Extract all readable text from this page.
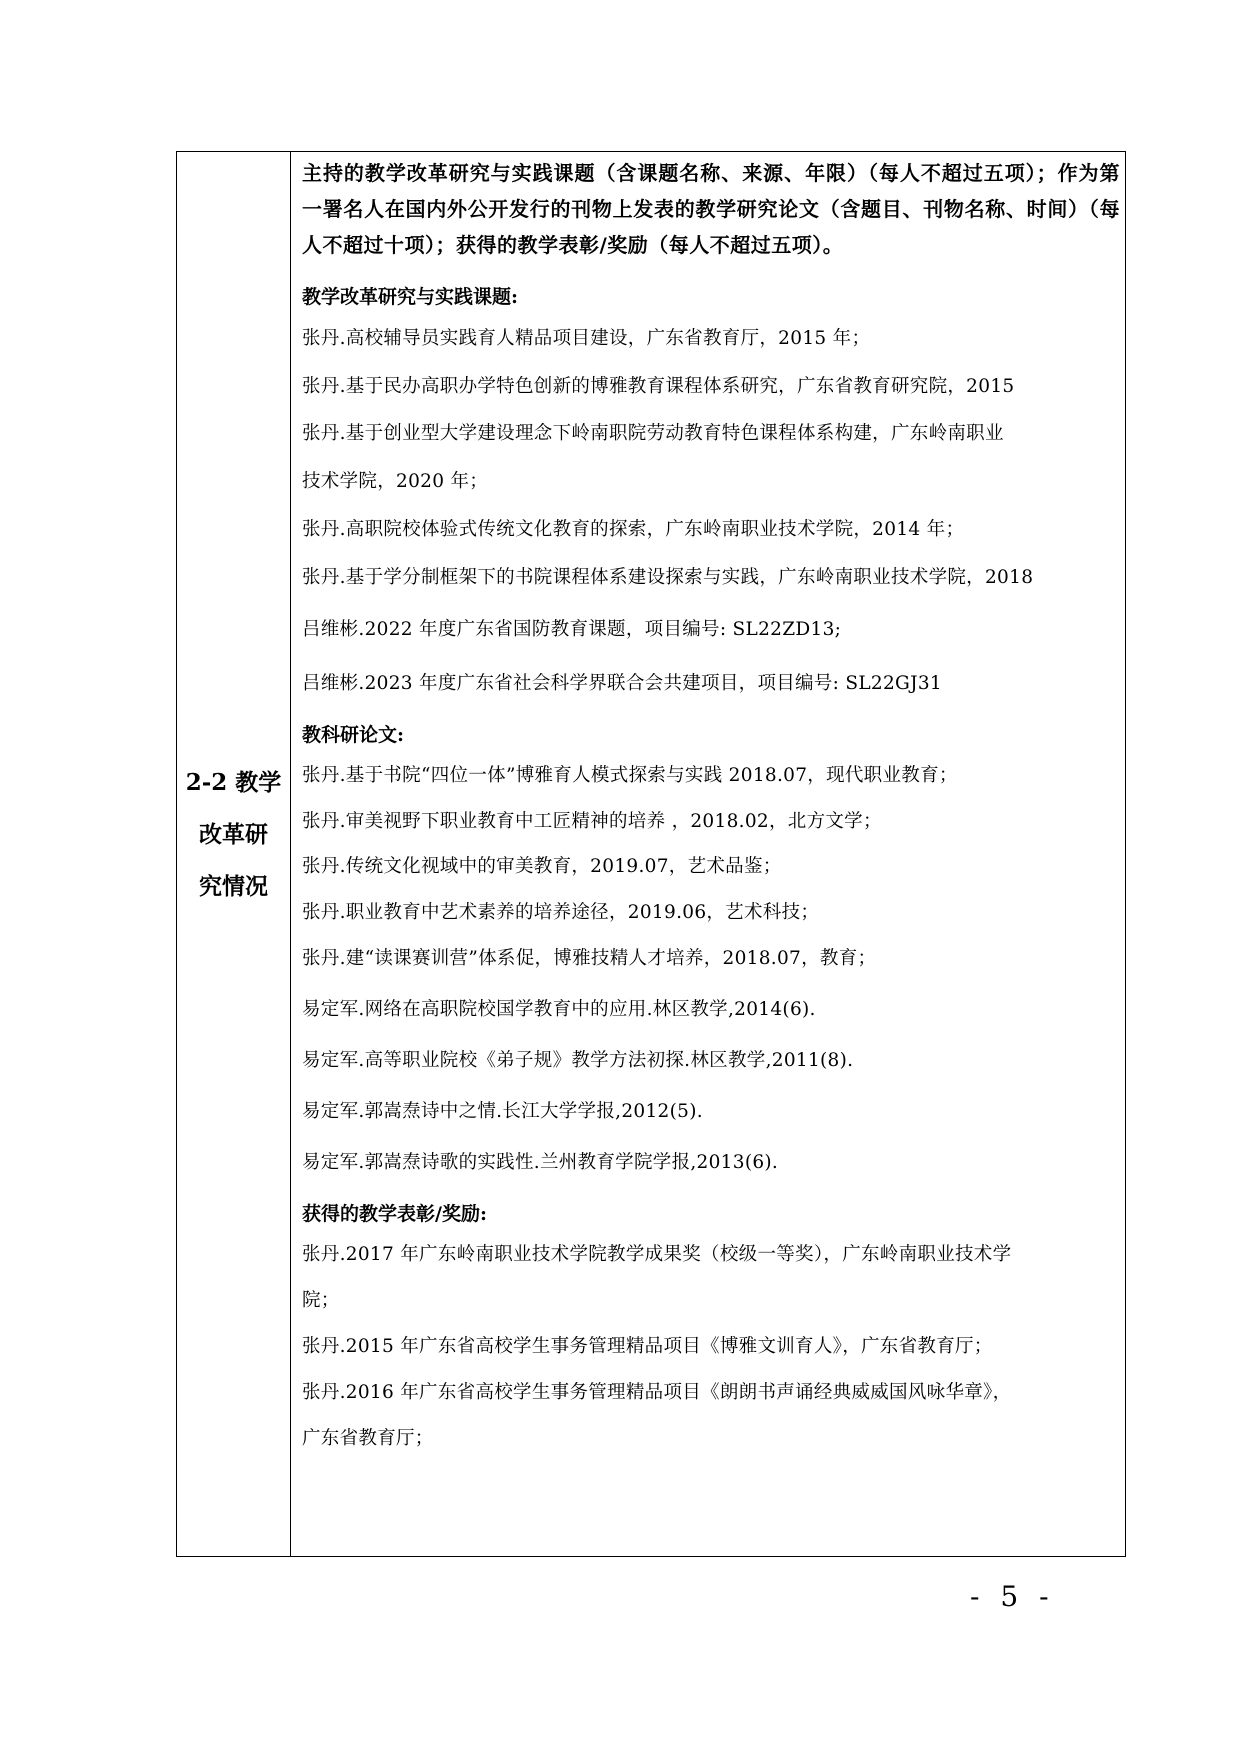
2-2 教学
改革研
究情况

主持的教学改革研究与实践课题（含课题名称、来源、年限）（每人不超过五项）；作为第一署名人在国内外公开发行的刊物上发表的教学研究论文（含题目、刊物名称、时间）（每人不超过十项）；获得的教学表彰/奖励（每人不超过五项）。

教学改革研究与实践课题:
张丹.高校辅导员实践育人精品项目建设，广东省教育厅，2015 年；
张丹.基于民办高职办学特色创新的博雅教育课程体系研究，广东省教育研究院，2015
张丹.基于创业型大学建设理念下岭南职院劳动教育特色课程体系构建，广东岭南职业
技术学院，2020 年；
张丹.高职院校体验式传统文化教育的探索，广东岭南职业技术学院，2014 年；
张丹.基于学分制框架下的书院课程体系建设探索与实践，广东岭南职业技术学院，2018
吕维彬.2022 年度广东省国防教育课题，项目编号: SL22ZD13;
吕维彬.2023 年度广东省社会科学界联合会共建项目，项目编号: SL22GJ31
教科研论文:
张丹.基于书院“四位一体”博雅育人模式探索与实践 2018.07，现代职业教育；
张丹.审美视野下职业教育中工匠精神的培养 ，2018.02，北方文学；
张丹.传统文化视域中的审美教育，2019.07，艺术品鉴；
张丹.职业教育中艺术素养的培养途径，2019.06，艺术科技；
张丹.建“读课赛训营”体系促，博雅技精人才培养，2018.07，教育；
易定军.网络在高职院校国学教育中的应用.林区教学,2014(6).
易定军.高等职业院校《弟子规》教学方法初探.林区教学,2011(8).
易定军.郭嵩焘诗中之情.长江大学学报,2012(5).
易定军.郭嵩焘诗歌的实践性.兰州教育学院学报,2013(6).
获得的教学表彰/奖励:
张丹.2017 年广东岭南职业技术学院教学成果奖（校级一等奖），广东岭南职业技术学
院；
张丹.2015 年广东省高校学生事务管理精品项目《博雅文训育人》，广东省教育厅；
张丹.2016 年广东省高校学生事务管理精品项目《朗朗书声诵经典威威国风咏华章》，
广东省教育厅；
- 5 -
